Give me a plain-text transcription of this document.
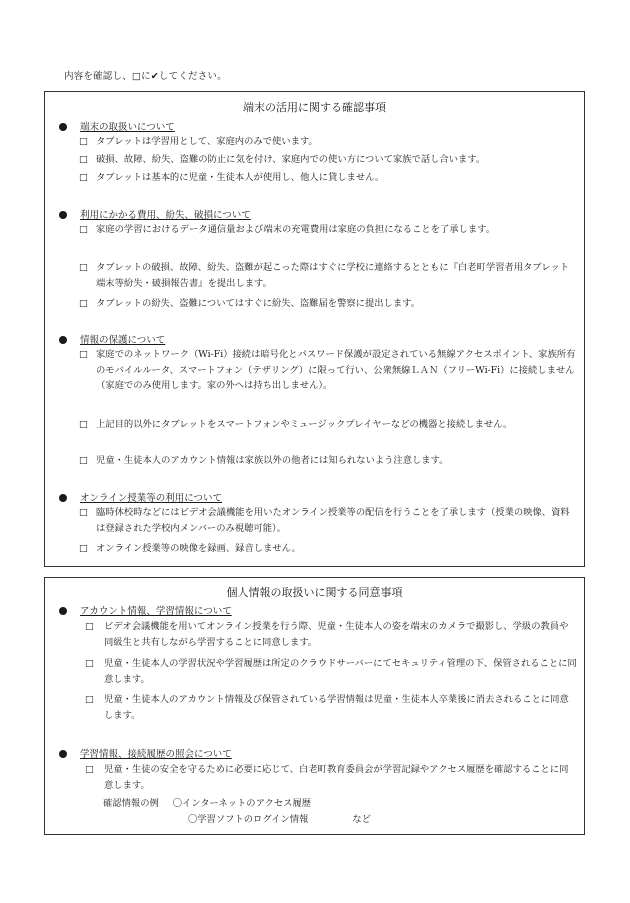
内容を確認し、□に✔してください。
端末の活用に関する確認事項
端末の取扱いについて
□ タブレットは学習用として、家庭内のみで使います。
□ 破損、故障、紛失、盗難の防止に気を付け、家庭内での使い方について家族で話し合います。
□ タブレットは基本的に児童・生徒本人が使用し、他人に貸しません。
利用にかかる費用、紛失、破損について
□ 家庭の学習におけるデータ通信量および端末の充電費用は家庭の負担になることを了承します。
□ タブレットの破損、故障、紛失、盗難が起こった際はすぐに学校に連絡するとともに『白老町学習者用タブレット端末等紛失・破損報告書』を提出します。
□ タブレットの紛失、盗難についてはすぐに紛失、盗難届を警察に提出します。
情報の保護について
□ 家庭でのネットワーク（Wi-Fi）接続は暗号化とパスワード保護が設定されている無線アクセスポイント、家族所有のモバイルルータ、スマートフォン（テザリング）に限って行い、公衆無線ＬＡＮ（フリーWi-Fi）に接続しません（家庭でのみ使用します。家の外へは持ち出しません）。
□ 上記目的以外にタブレットをスマートフォンやミュージックプレイヤーなどの機器と接続しません。
□ 児童・生徒本人のアカウント情報は家族以外の他者には知られないよう注意します。
オンライン授業等の利用について
□ 臨時休校時などにはビデオ会議機能を用いたオンライン授業等の配信を行うことを了承します（授業の映像、資料は登録された学校内メンバーのみ視聴可能）。
□ オンライン授業等の映像を録画、録音しません。
個人情報の取扱いに関する同意事項
アカウント情報、学習情報について
□	ビデオ会議機能を用いてオンライン授業を行う際、児童・生徒本人の姿を端末のカメラで撮影し、学級の教員や同級生と共有しながら学習することに同意します。
□	児童・生徒本人の学習状況や学習履歴は所定のクラウドサーバーにてセキュリティ管理の下、保管されることに同意します。
□	児童・生徒本人のアカウント情報及び保管されている学習情報は児童・生徒本人卒業後に消去されることに同意します。
学習情報、接続履歴の照会について
□	児童・生徒の安全を守るために必要に応じて、白老町教育委員会が学習記録やアクセス履歴を確認することに同意します。
確認情報の例 〇インターネットのアクセス履歴
〇学習ソフトのログイン情報	など
